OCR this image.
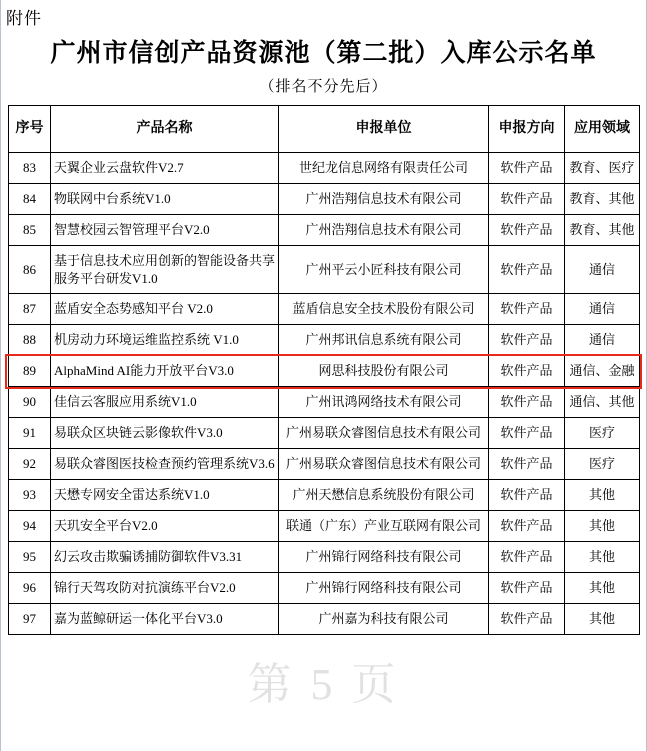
附件
第 5 页
广州市信创产品资源池（第二批）入库公示名单
（排名不分先后）
序号	产品名称	申报单位	申报方向	应用领域
83	天翼企业云盘软件V2.7	世纪龙信息网络有限责任公司	软件产品	教育、医疗
84	物联网中台系统V1.0	广州浩翔信息技术有限公司	软件产品	教育、其他
85	智慧校园云智管理平台V2.0	广州浩翔信息技术有限公司	软件产品	教育、其他
86	基于信息技术应用创新的智能设备共享服务平台研发V1.0	广州平云小匠科技有限公司	软件产品	通信
87	蓝盾安全态势感知平台 V2.0	蓝盾信息安全技术股份有限公司	软件产品	通信
88	机房动力环境运维监控系统 V1.0	广州邦讯信息系统有限公司	软件产品	通信
89	AlphaMind AI能力开放平台V3.0	网思科技股份有限公司	软件产品	通信、金融
90	佳信云客服应用系统V1.0	广州讯鸿网络技术有限公司	软件产品	通信、其他
91	易联众区块链云影像软件V3.0	广州易联众睿图信息技术有限公司	软件产品	医疗
92	易联众睿图医技检查预约管理系统V3.6	广州易联众睿图信息技术有限公司	软件产品	医疗
93	天懋专网安全雷达系统V1.0	广州天懋信息系统股份有限公司	软件产品	其他
94	天玑安全平台V2.0	联通（广东）产业互联网有限公司	软件产品	其他
95	幻云攻击欺骗诱捕防御软件V3.31	广州锦行网络科技有限公司	软件产品	其他
96	锦行天驾攻防对抗演练平台V2.0	广州锦行网络科技有限公司	软件产品	其他
97	嘉为蓝鲸研运一体化平台V3.0	广州嘉为科技有限公司	软件产品	其他
